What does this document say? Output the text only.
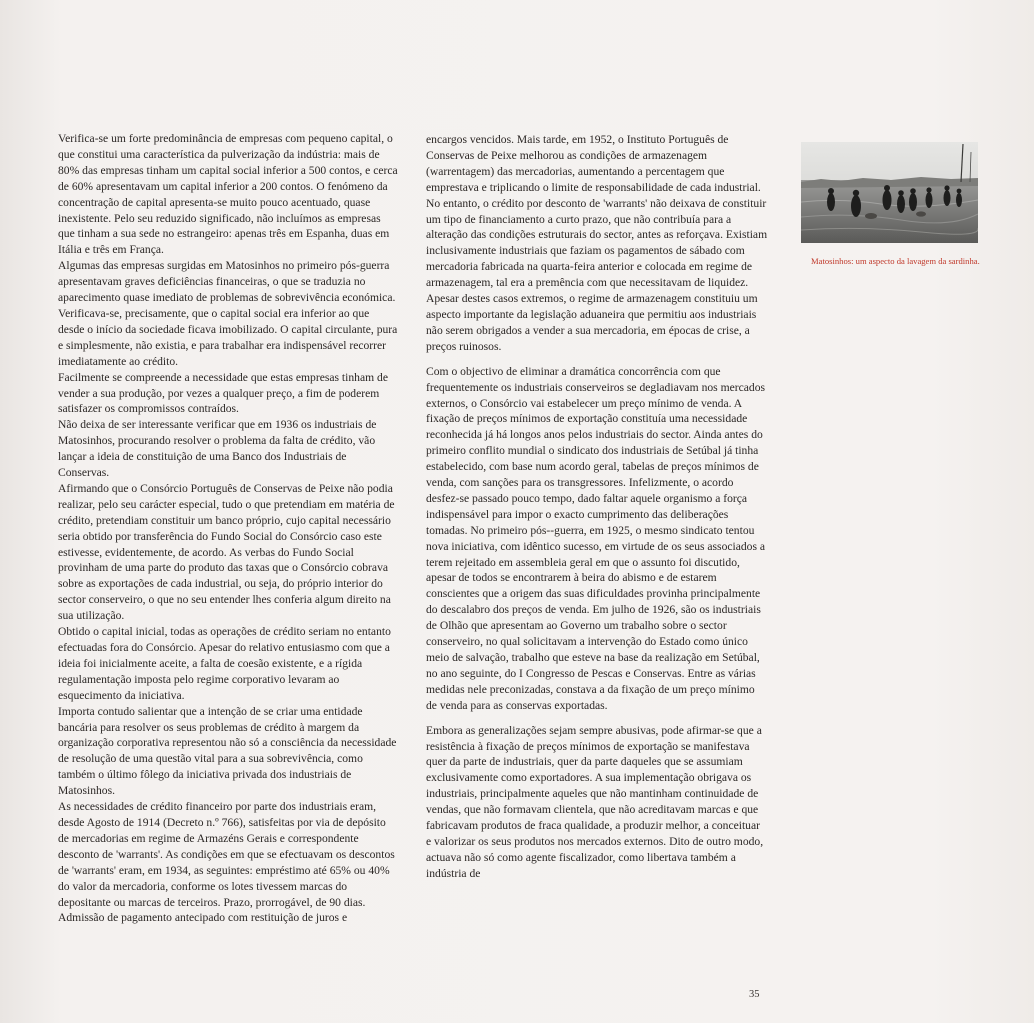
Verifica-se um forte predominância de empresas com pequeno capital, o que constitui uma característica da pulverização da indústria: mais de 80% das empresas tinham um capital social inferior a 500 contos, e cerca de 60% apresentavam um capital inferior a 200 contos. O fenómeno da concentração de capital apresenta-se muito pouco acentuado, quase inexistente. Pelo seu reduzido significado, não incluímos as empresas que tinham a sua sede no estrangeiro: apenas três em Espanha, duas em Itália e três em França.

Algumas das empresas surgidas em Matosinhos no primeiro pós-guerra apresentavam graves deficiências financeiras, o que se traduzia no aparecimento quase imediato de problemas de sobrevivência económica.

Verificava-se, precisamente, que o capital social era inferior ao que desde o início da sociedade ficava imobilizado. O capital circulante, pura e simplesmente, não existia, e para trabalhar era indispensável recorrer imediatamente ao crédito.

Facilmente se compreende a necessidade que estas empresas tinham de vender a sua produção, por vezes a qualquer preço, a fim de poderem satisfazer os compromissos contraídos.

Não deixa de ser interessante verificar que em 1936 os industriais de Matosinhos, procurando resolver o problema da falta de crédito, vão lançar a ideia de constituição de uma Banco dos Industriais de Conservas.

Afirmando que o Consórcio Português de Conservas de Peixe não podia realizar, pelo seu carácter especial, tudo o que pretendiam em matéria de crédito, pretendiam constituir um banco próprio, cujo capital necessário seria obtido por transferência do Fundo Social do Consórcio caso este estivesse, evidentemente, de acordo. As verbas do Fundo Social provinham de uma parte do produto das taxas que o Consórcio cobrava sobre as exportações de cada industrial, ou seja, do próprio interior do sector conserveiro, o que no seu entender lhes conferia algum direito na sua utilização.

Obtido o capital inicial, todas as operações de crédito seriam no entanto efectuadas fora do Consórcio. Apesar do relativo entusiasmo com que a ideia foi inicialmente aceite, a falta de coesão existente, e a rígida regulamentação imposta pelo regime corporativo levaram ao esquecimento da iniciativa.

Importa contudo salientar que a intenção de se criar uma entidade bancária para resolver os seus problemas de crédito à margem da organização corporativa representou não só a consciência da necessidade de resolução de uma questão vital para a sua sobrevivência, como também o último fôlego da iniciativa privada dos industriais de Matosinhos.

As necessidades de crédito financeiro por parte dos industriais eram, desde Agosto de 1914 (Decreto n.º 766), satisfeitas por via de depósito de mercadorias em regime de Armazéns Gerais e correspondente desconto de 'warrants'. As condições em que se efectuavam os descontos de 'warrants' eram, em 1934, as seguintes: empréstimo até 65% ou 40% do valor da mercadoria, conforme os lotes tivessem marcas do depositante ou marcas de terceiros. Prazo, prorrogável, de 90 dias.

Admissão de pagamento antecipado com restituição de juros e

encargos vencidos. Mais tarde, em 1952, o Instituto Português de Conservas de Peixe melhorou as condições de armazenagem (warrentagem) das mercadorias, aumentando a percentagem que emprestava e triplicando o limite de responsabilidade de cada industrial. No entanto, o crédito por desconto de 'warrants' não deixava de constituir um tipo de financiamento a curto prazo, que não contribuía para a alteração das condições estruturais do sector, antes as reforçava. Existiam inclusivamente industriais que faziam os pagamentos de sábado com mercadoria fabricada na quarta-feira anterior e colocada em regime de armazenagem, tal era a premência com que necessitavam de liquidez. Apesar destes casos extremos, o regime de armazenagem constituiu um aspecto importante da legislação aduaneira que permitiu aos industriais não serem obrigados a vender a sua mercadoria, em épocas de crise, a preços ruinosos.

Com o objectivo de eliminar a dramática concorrência com que frequentemente os industriais conserveiros se degladiavam nos mercados externos, o Consórcio vai estabelecer um preço mínimo de venda. A fixação de preços mínimos de exportação constituía uma necessidade reconhecida já há longos anos pelos industriais do sector. Ainda antes do primeiro conflito mundial o sindicato dos industriais de Setúbal já tinha estabelecido, com base num acordo geral, tabelas de preços mínimos de venda, com sanções para os transgressores. Infelizmente, o acordo desfez-se passado pouco tempo, dado faltar aquele organismo a força indispensável para impor o exacto cumprimento das deliberações tomadas. No primeiro pós--guerra, em 1925, o mesmo sindicato tentou nova iniciativa, com idêntico sucesso, em virtude de os seus associados a terem rejeitado em assembleia geral em que o assunto foi discutido, apesar de todos se encontrarem à beira do abismo e de estarem conscientes que a origem das suas dificuldades provinha principalmente do descalabro dos preços de venda. Em julho de 1926, são os industriais de Olhão que apresentam ao Governo um trabalho sobre o sector conserveiro, no qual solicitavam a intervenção do Estado como único meio de salvação, trabalho que esteve na base da realização em Setúbal, no ano seguinte, do I Congresso de Pescas e Conservas. Entre as várias medidas nele preconizadas, constava a da fixação de um preço mínimo de venda para as conservas exportadas.

Embora as generalizações sejam sempre abusivas, pode afirmar-se que a resistência à fixação de preços mínimos de exportação se manifestava quer da parte de industriais, quer da parte daqueles que se assumiam exclusivamente como exportadores. A sua implementação obrigava os industriais, principalmente aqueles que não mantinham continuidade de vendas, que não formavam clientela, que não acreditavam marcas e que fabricavam produtos de fraca qualidade, a produzir melhor, a conceituar e valorizar os seus produtos nos mercados externos. Dito de outro modo, actuava não só como agente fiscalizador, como libertava também a indústria de

Matosinhos: um aspecto da lavagem da sardinha.
35
